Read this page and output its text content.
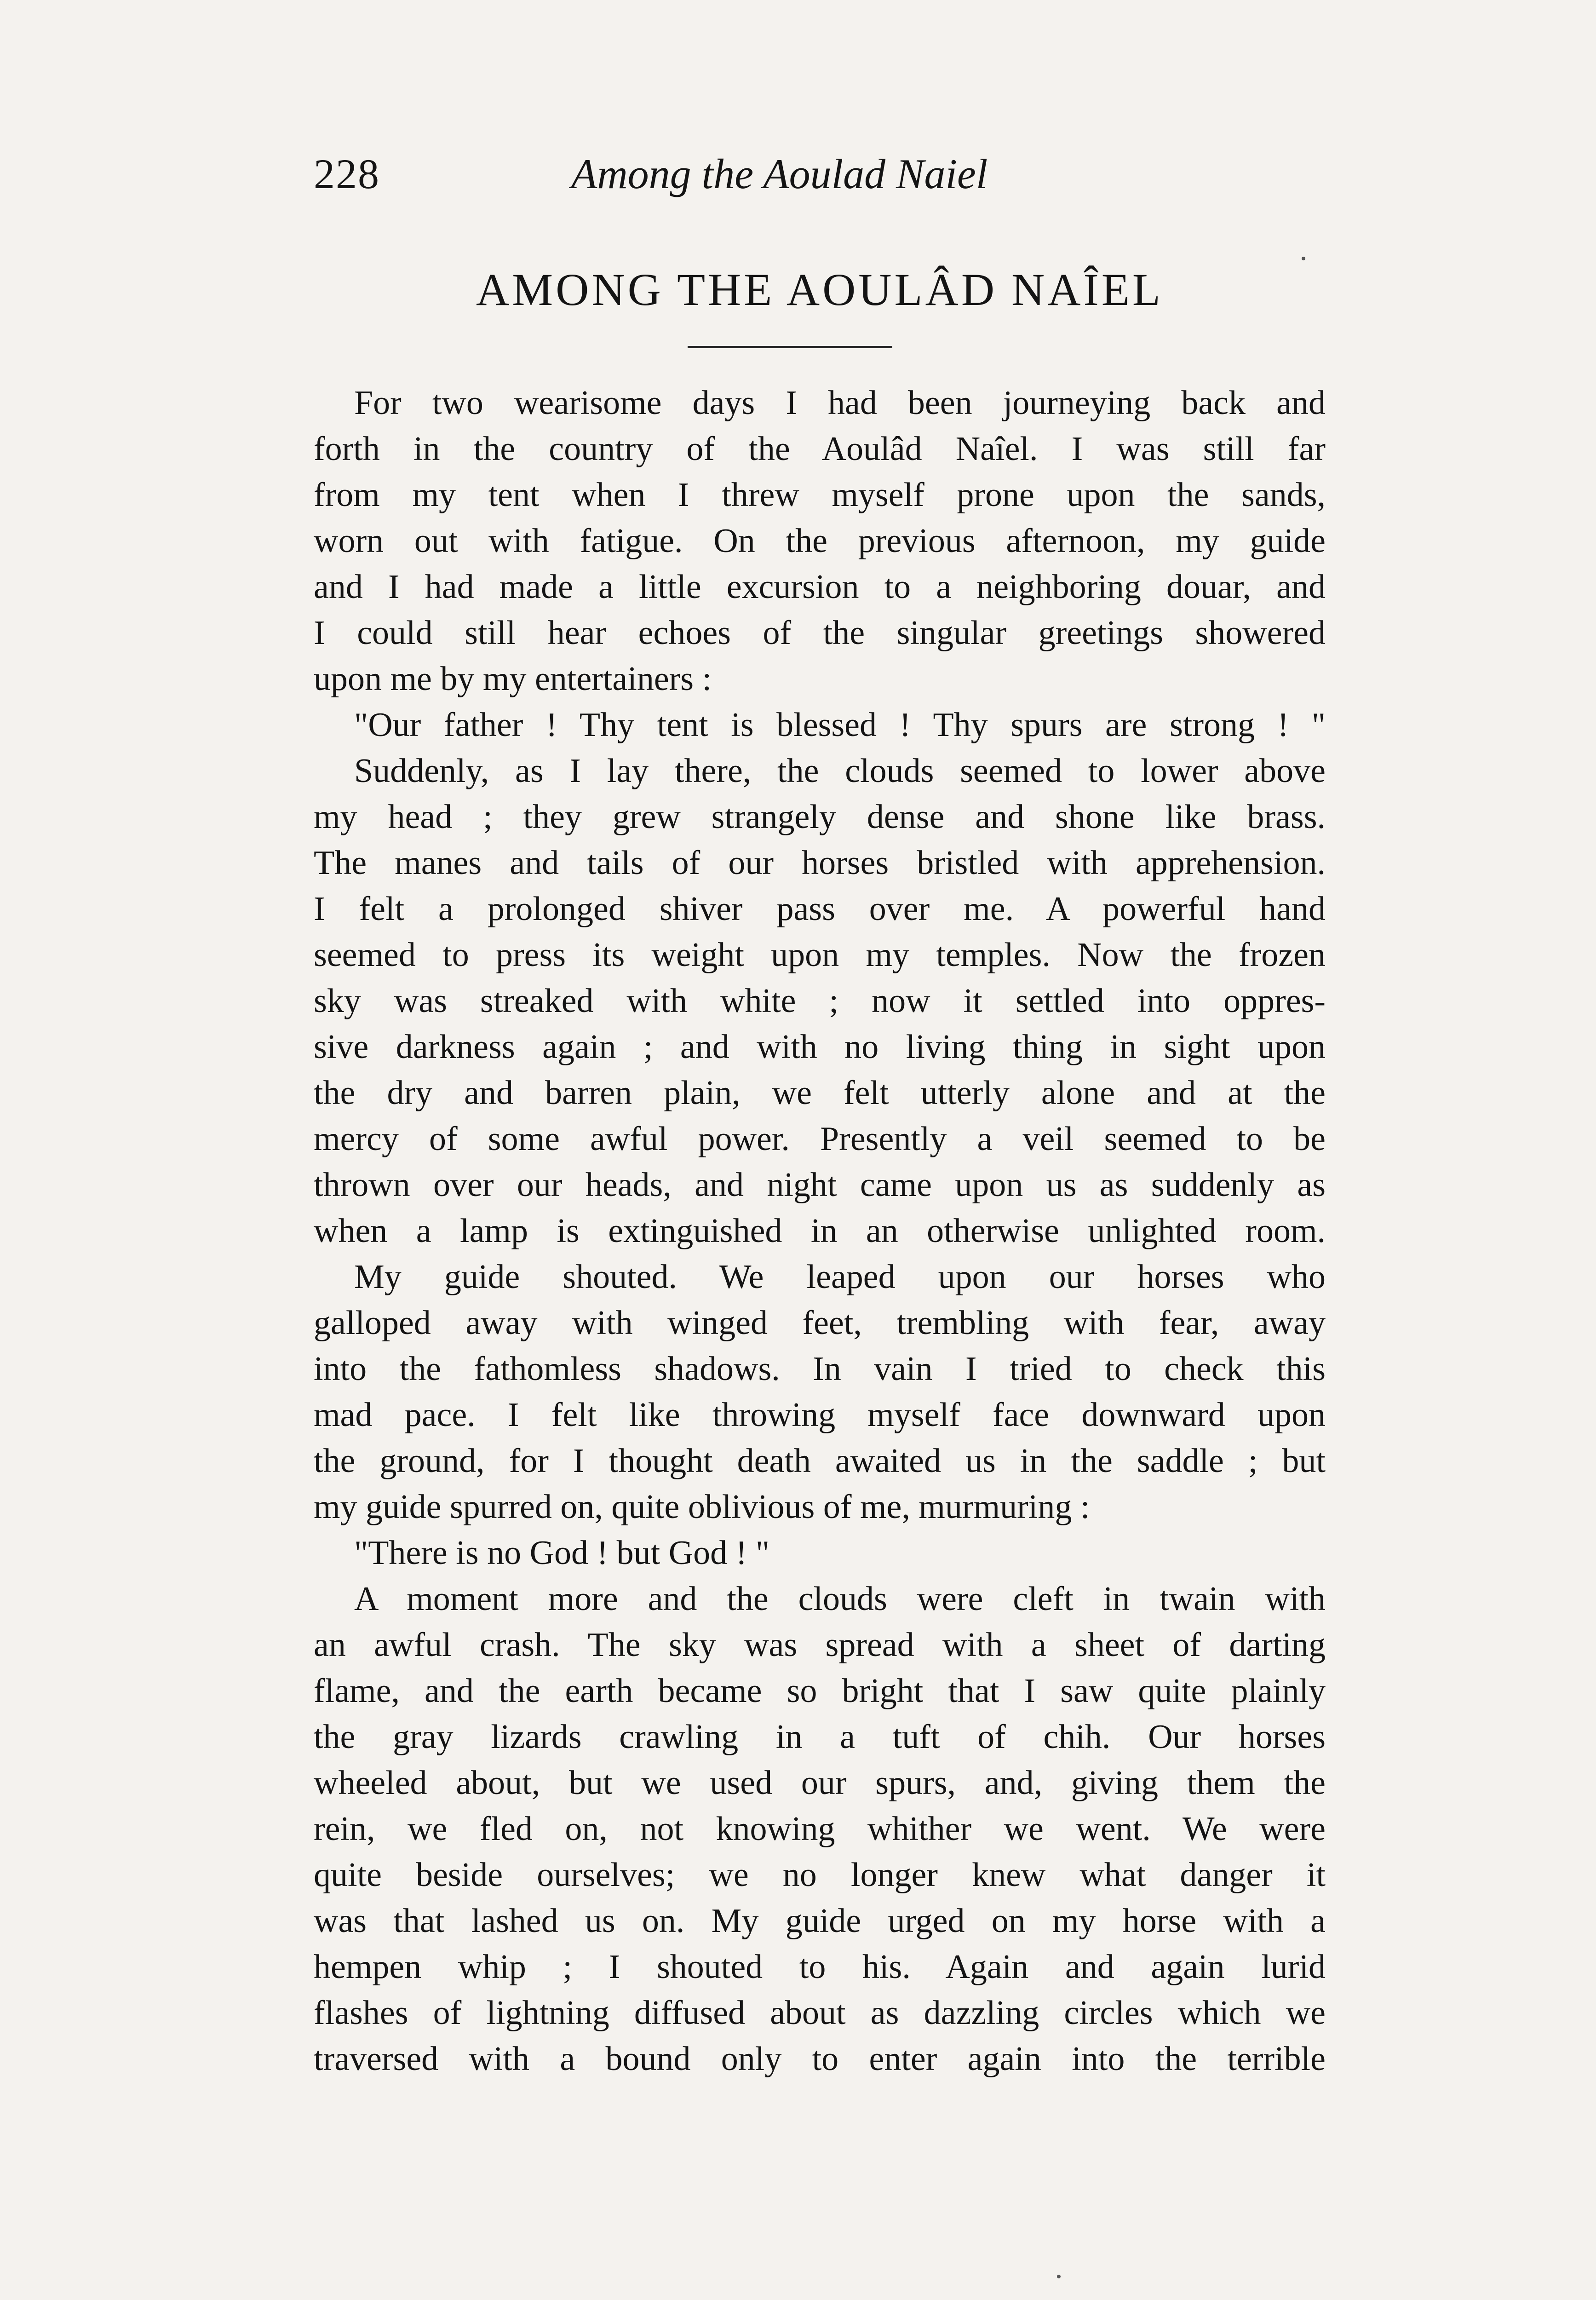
228	Among the Aoulad Naiel
AMONG THE AOULÂD NAÎEL
For two wearisome days I had been journeying back and
forth in the country of the Aoulâd Naîel. I was still far
from my tent when I threw myself prone upon the sands,
worn out with fatigue. On the previous afternoon, my guide
and I had made a little excursion to a neighboring douar, and
I could still hear echoes of the singular greetings showered
upon me by my entertainers :
"Our father ! Thy tent is blessed ! Thy spurs are strong ! "
Suddenly, as I lay there, the clouds seemed to lower above
my head ; they grew strangely dense and shone like brass.
The manes and tails of our horses bristled with apprehension.
I felt a prolonged shiver pass over me. A powerful hand
seemed to press its weight upon my temples. Now the frozen
sky was streaked with white ; now it settled into oppres-
sive darkness again ; and with no living thing in sight upon
the dry and barren plain, we felt utterly alone and at the
mercy of some awful power. Presently a veil seemed to be
thrown over our heads, and night came upon us as suddenly as
when a lamp is extinguished in an otherwise unlighted room.
My guide shouted. We leaped upon our horses who
galloped away with winged feet, trembling with fear, away
into the fathomless shadows. In vain I tried to check this
mad pace. I felt like throwing myself face downward upon
the ground, for I thought death awaited us in the saddle ; but
my guide spurred on, quite oblivious of me, murmuring :
"There is no God ! but God ! "
A moment more and the clouds were cleft in twain with
an awful crash. The sky was spread with a sheet of darting
flame, and the earth became so bright that I saw quite plainly
the gray lizards crawling in a tuft of chih. Our horses
wheeled about, but we used our spurs, and, giving them the
rein, we fled on, not knowing whither we went. We were
quite beside ourselves; we no longer knew what danger it
was that lashed us on. My guide urged on my horse with a
hempen whip ; I shouted to his. Again and again lurid
flashes of lightning diffused about as dazzling circles which we
traversed with a bound only to enter again into the terrible
